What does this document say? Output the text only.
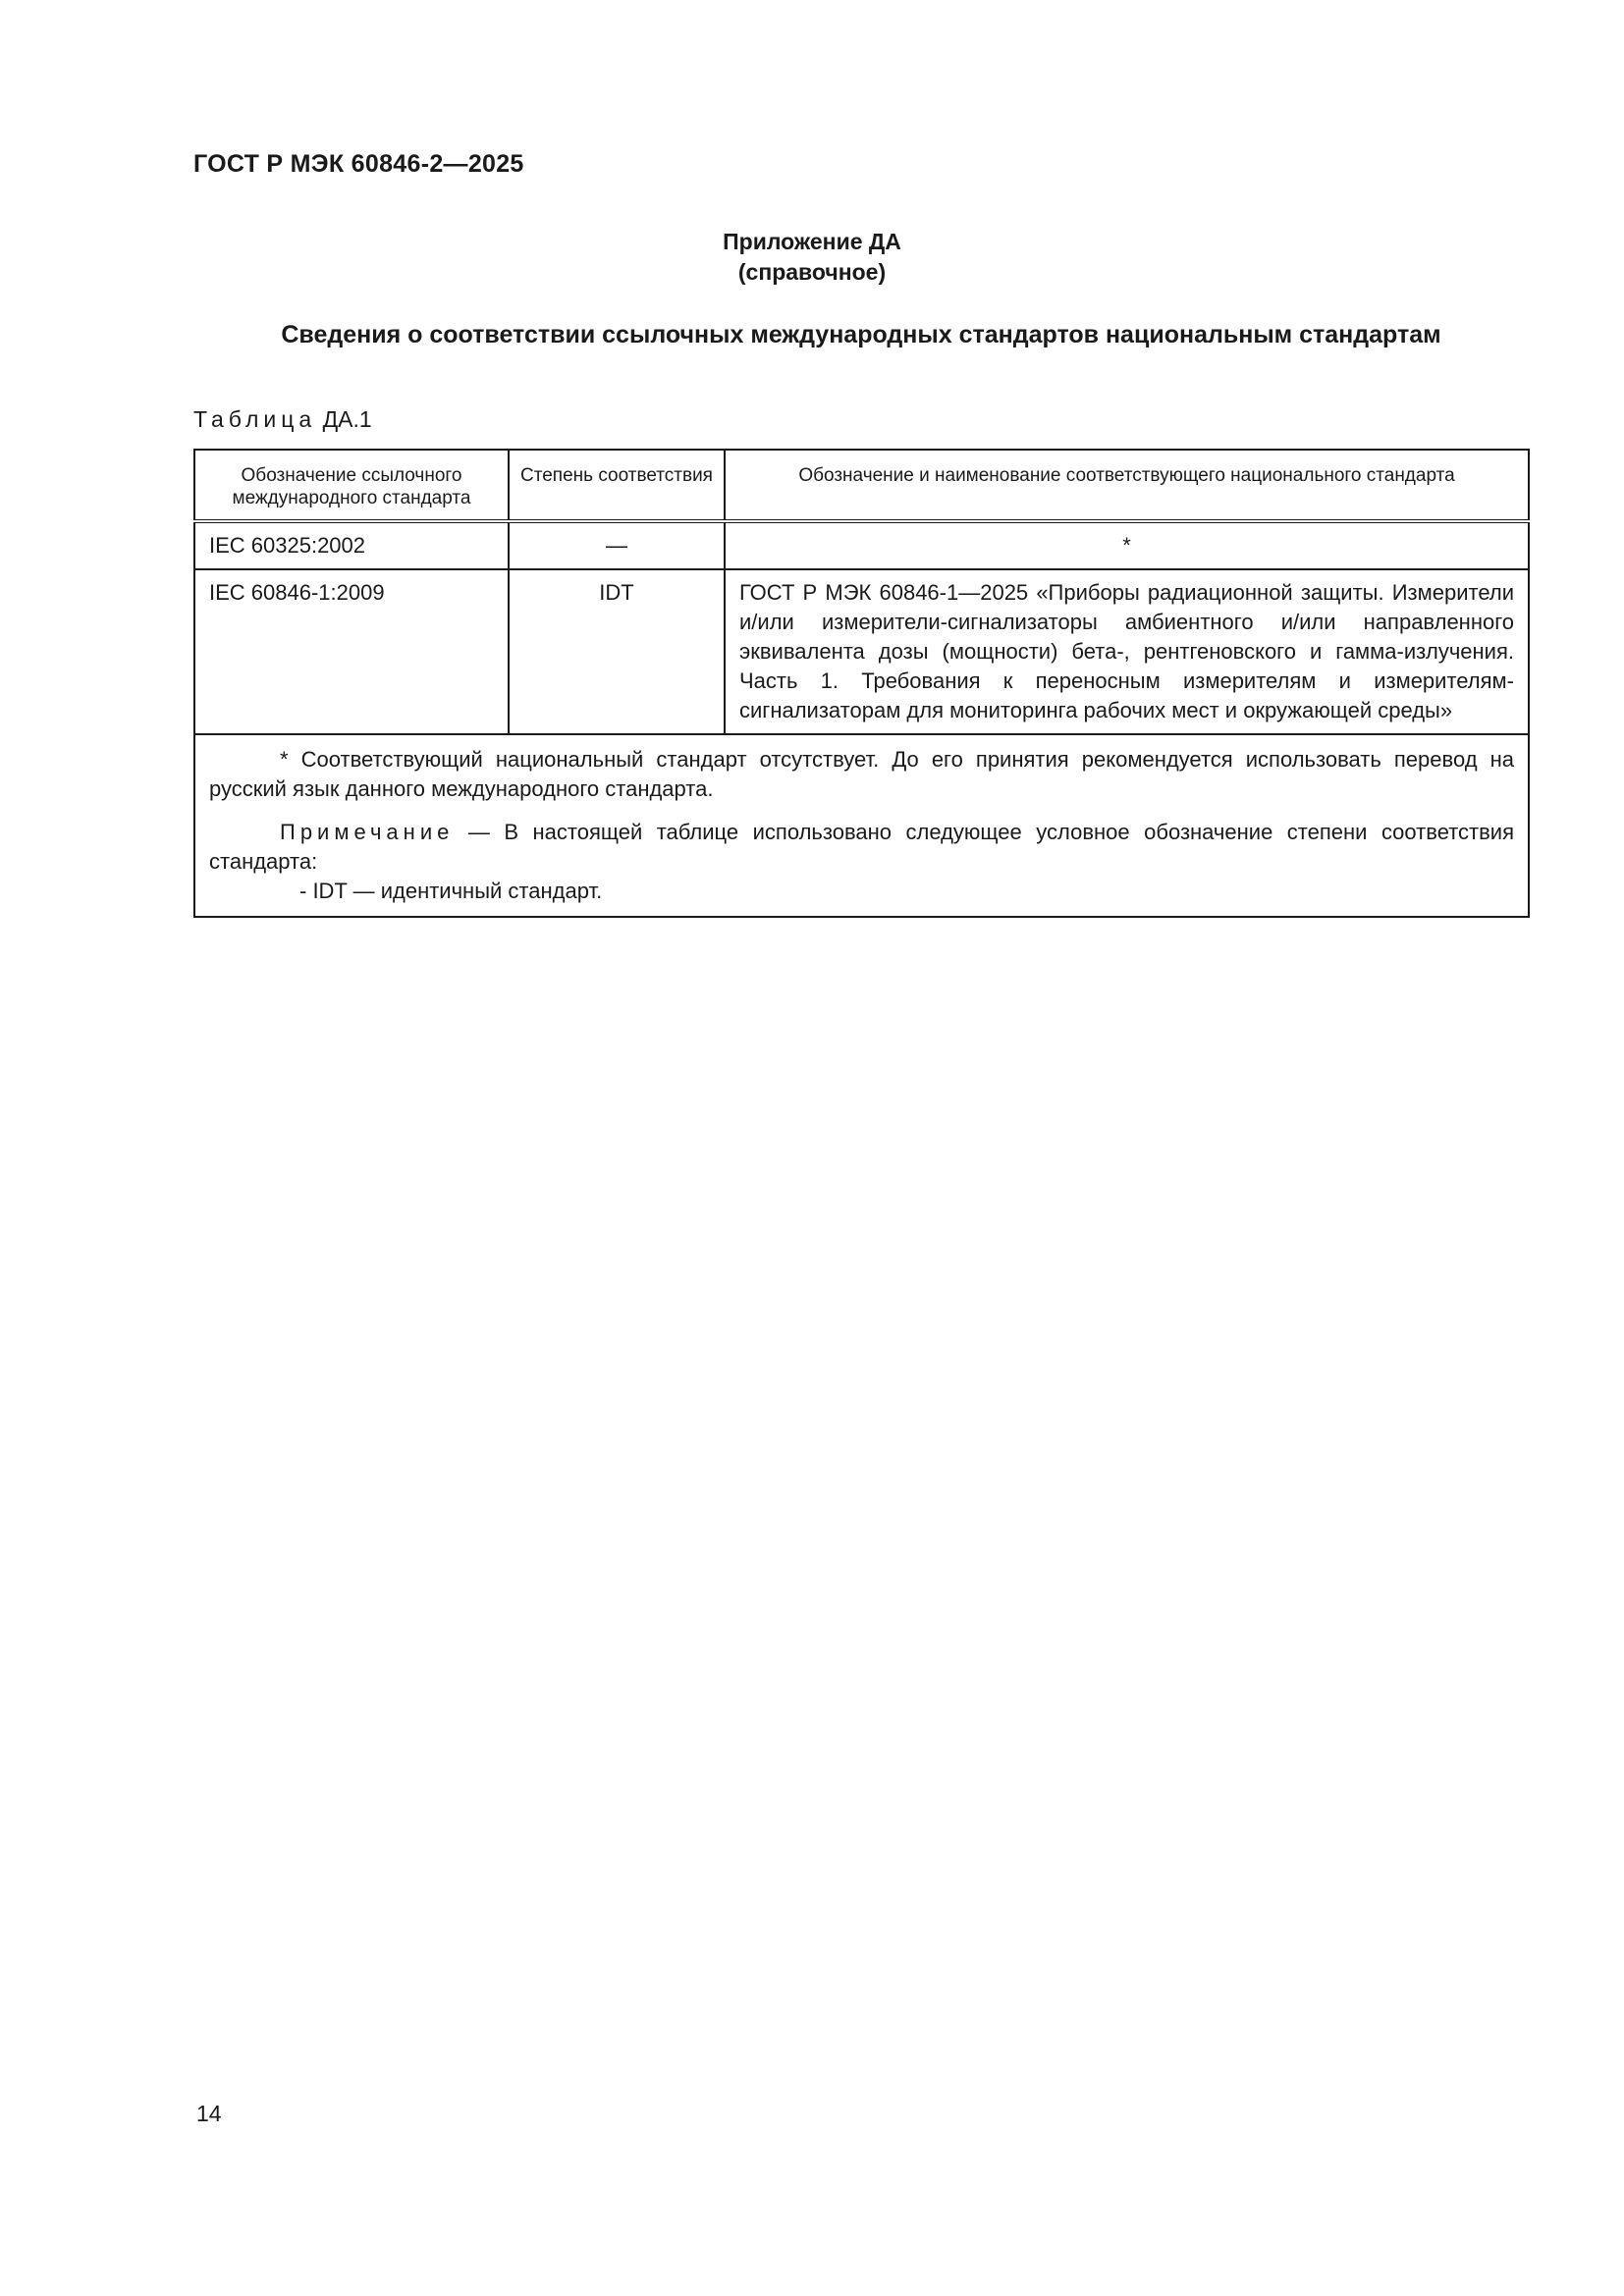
ГОСТ Р МЭК 60846-2—2025
Приложение ДА
(справочное)
Сведения о соответствии ссылочных международных стандартов национальным стандартам
Таблица ДА.1
Обозначение ссылочного международного стандарта	Степень соответствия	Обозначение и наименование соответствующего национального стандарта
IEC 60325:2002	—	*
IEC 60846-1:2009	IDT	ГОСТ Р МЭК 60846-1—2025 «Приборы радиационной защиты. Измерители и/или измерители-сигнализаторы амбиентного и/или направленного эквивалента дозы (мощности) бета-, рентгеновского и гамма-излучения. Часть 1. Требования к переносным измерителям и измерителям-сигнализаторам для мониторинга рабочих мест и окружающей среды»

* Соответствующий национальный стандарт отсутствует. До его принятия рекомендуется использовать перевод на русский язык данного международного стандарта.

Примечание — В настоящей таблице использовано следующее условное обозначение степени соответствия стандарта:

- IDT — идентичный стандарт.		

14
